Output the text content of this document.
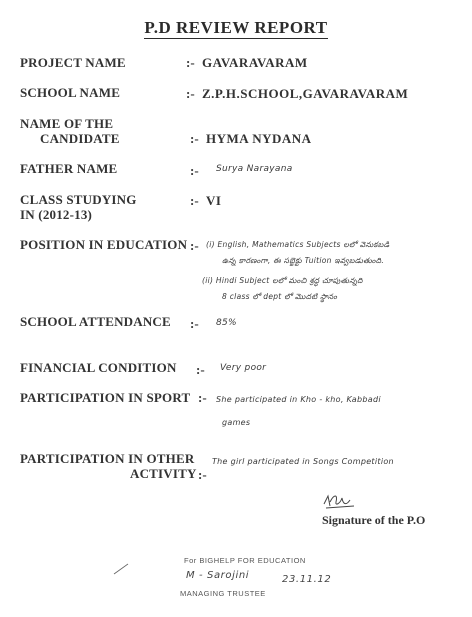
P.D REVIEW REPORT
PROJECT NAME	:- GAVARAVARAM
SCHOOL NAME	:- Z.P.H.SCHOOL,GAVARAVARAM
NAME OF THE
CANDIDATE	:- HYMA NYDANA
FATHER NAME	:- Surya Narayana
CLASS STUDYING
IN (2012-13)
:- VI
POSITION IN EDUCATION :- (i) English, Mathematics Subjects లలో వెనుకబడి
ఉన్న కారణంగా, ఈ సబ్జెక్టు Tuition ఇవ్వబడుతుంది.
(ii) Hindi Subject లలో మంచి శ్రద్ధ చూపుతున్నది
8 class లో dept లో మొదటి స్థానం
SCHOOL ATTENDANCE :- 85%
FINANCIAL CONDITION :- Very poor
PARTICIPATION IN SPORT :- She participated in Kho - kho, Kabbadi
games
PARTICIPATION IN OTHER
ACTIVITY :-
The girl participated in Songs Competition
Signature of the P.O
For BIGHELP FOR EDUCATION
M - Sarojini	23.11.12
MANAGING TRUSTEE
